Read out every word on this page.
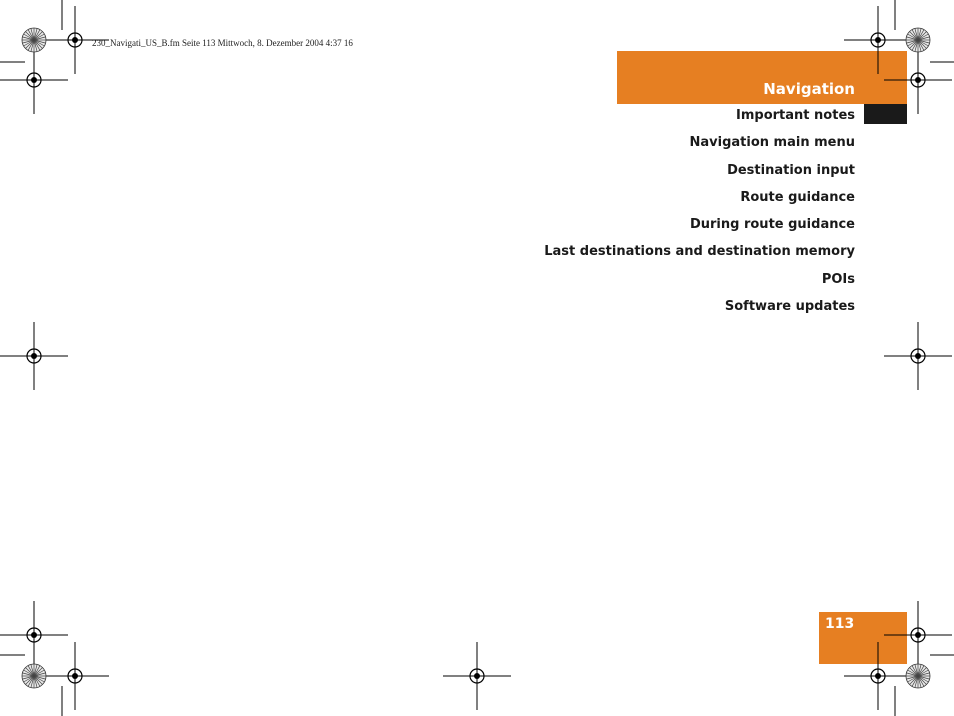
230_Navigati_US_B.fm Seite 113 Mittwoch, 8. Dezember 2004 4:37 16
Navigation
Important notes
Navigation main menu
Destination input
Route guidance
During route guidance
Last destinations and destination memory
POIs
Software updates
113
